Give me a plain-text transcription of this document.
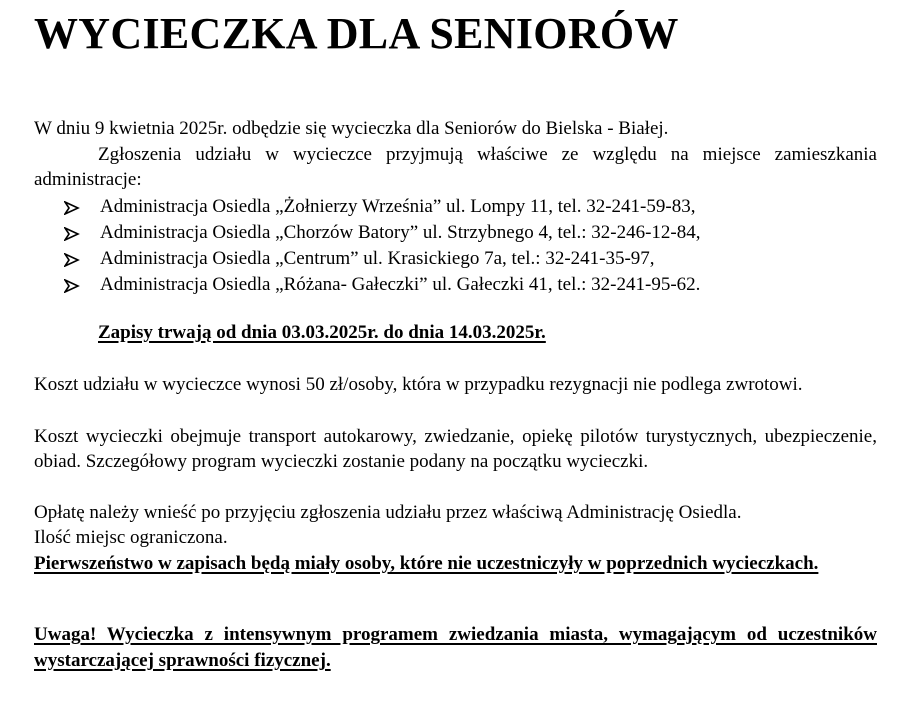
WYCIECZKA DLA SENIORÓW

W dniu 9 kwietnia 2025r. odbędzie się wycieczka dla Seniorów do Bielska - Białej.

Zgłoszenia udziału w wycieczce przyjmują właściwe ze względu na miejsce zamieszkania administracje:

Administracja Osiedla „Żołnierzy Września” ul. Lompy 11, tel. 32-241-59-83,
Administracja Osiedla „Chorzów Batory” ul. Strzybnego 4, tel.: 32-246-12-84,
Administracja Osiedla „Centrum” ul. Krasickiego 7a, tel.: 32-241-35-97,
Administracja Osiedla „Różana- Gałeczki” ul. Gałeczki 41, tel.: 32-241-95-62.

Zapisy trwają od dnia 03.03.2025r. do dnia 14.03.2025r.

Koszt udziału w wycieczce wynosi 50 zł/osoby, która w przypadku rezygnacji nie podlega zwrotowi.

Koszt wycieczki obejmuje transport autokarowy, zwiedzanie, opiekę pilotów turystycznych, ubezpieczenie, obiad. Szczegółowy program wycieczki zostanie podany na początku wycieczki.

Opłatę należy wnieść po przyjęciu zgłoszenia udziału przez właściwą Administrację Osiedla.

Ilość miejsc ograniczona.

Pierwszeństwo w zapisach będą miały osoby, które nie uczestniczyły w poprzednich wycieczkach.

Uwaga! Wycieczka z intensywnym programem zwiedzania miasta, wymagającym od uczestników wystarczającej sprawności fizycznej.
